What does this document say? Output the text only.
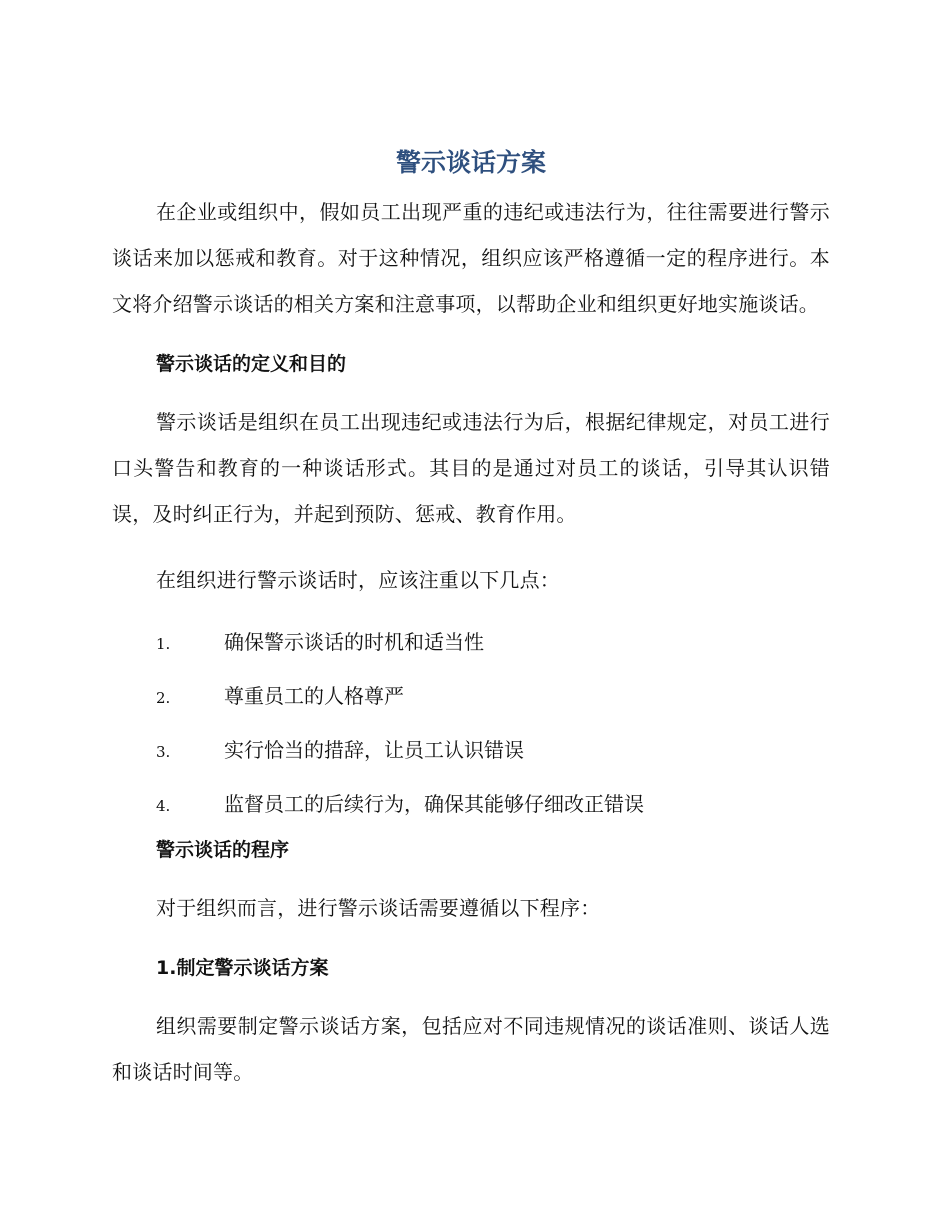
警示谈话方案

在企业或组织中，假如员工出现严重的违纪或违法行为，往往需要进行警示谈话来加以惩戒和教育。对于这种情况，组织应该严格遵循一定的程序进行。本文将介绍警示谈话的相关方案和注意事项，以帮助企业和组织更好地实施谈话。

警示谈话的定义和目的

警示谈话是组织在员工出现违纪或违法行为后，根据纪律规定，对员工进行口头警告和教育的一种谈话形式。其目的是通过对员工的谈话，引导其认识错误，及时纠正行为，并起到预防、惩戒、教育作用。

在组织进行警示谈话时，应该注重以下几点：

1.	确保警示谈话的时机和适当性
2.	尊重员工的人格尊严
3.	实行恰当的措辞，让员工认识错误
4.	监督员工的后续行为，确保其能够仔细改正错误
警示谈话的程序

对于组织而言，进行警示谈话需要遵循以下程序：

1.制定警示谈话方案

组织需要制定警示谈话方案，包括应对不同违规情况的谈话准则、谈话人选和谈话时间等。
